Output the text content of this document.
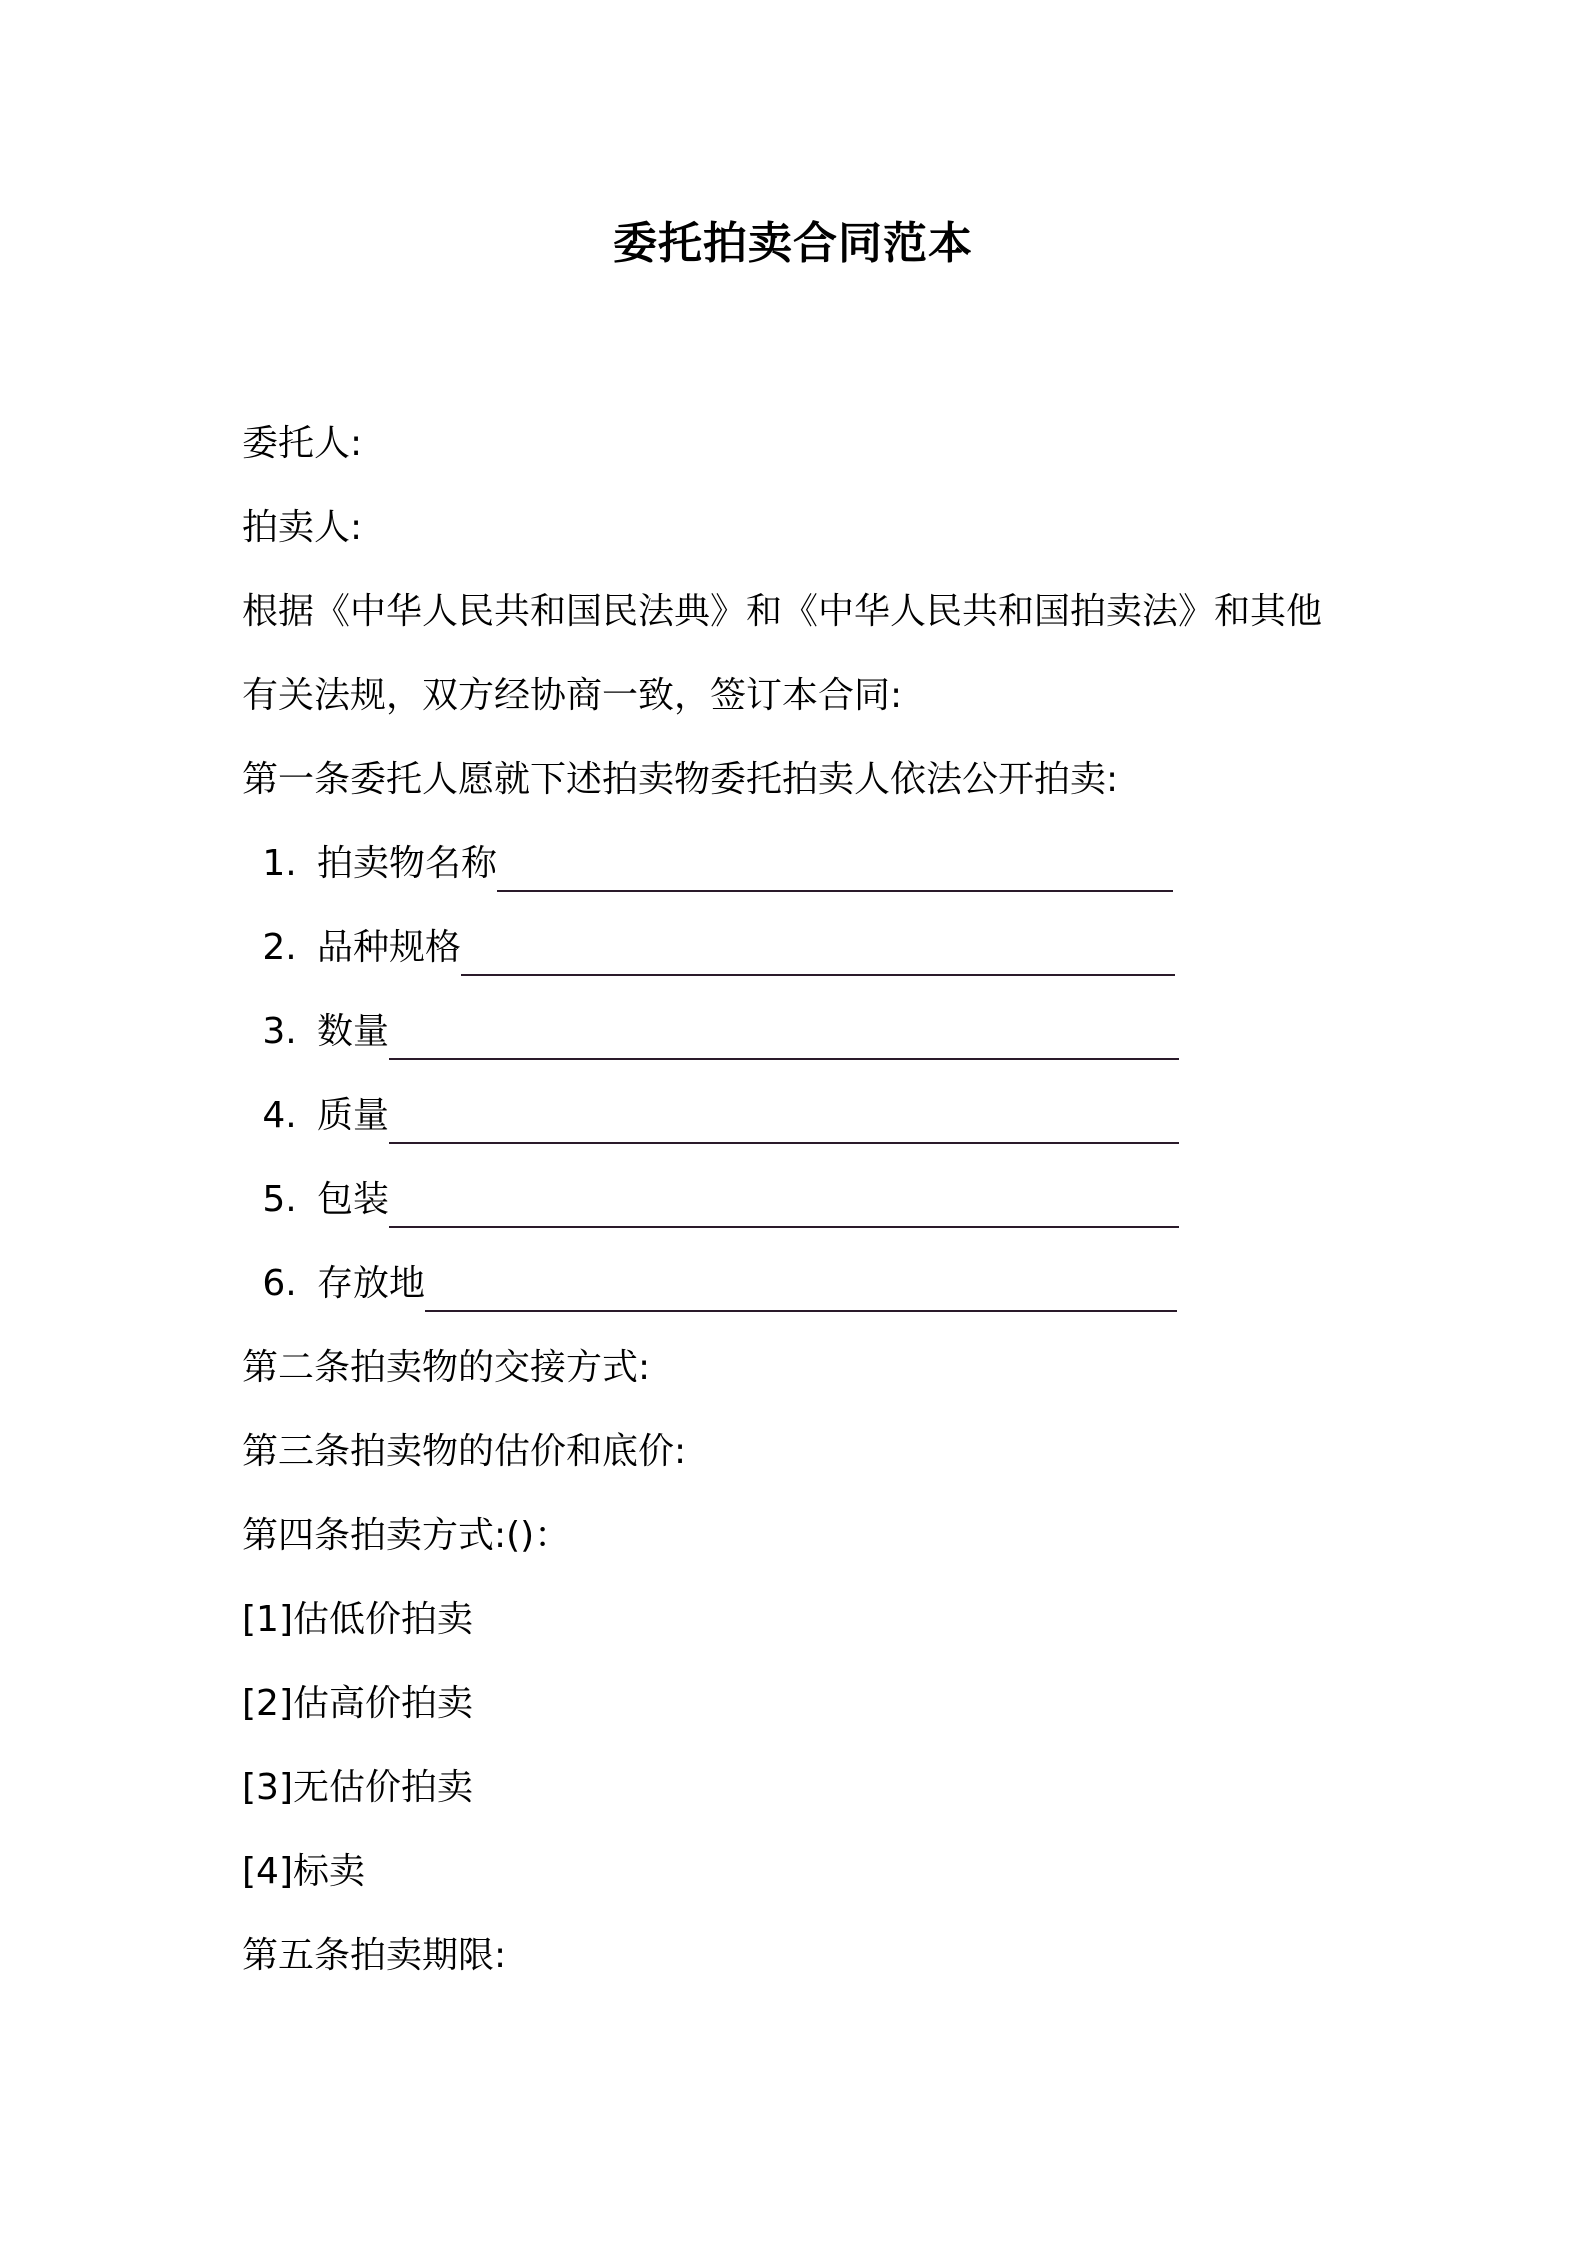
委托拍卖合同范本
委托人:
拍卖人:
根据《中华人民共和国民法典》和《中华人民共和国拍卖法》和其他
有关法规，双方经协商一致，签订本合同:
第一条委托人愿就下述拍卖物委托拍卖人依法公开拍卖:
1. 拍卖物名称
2. 品种规格
3. 数量
4. 质量
5. 包装
6. 存放地
第二条拍卖物的交接方式:
第三条拍卖物的估价和底价:
第四条拍卖方式:()：
[1]估低价拍卖
[2]估高价拍卖
[3]无估价拍卖
[4]标卖
第五条拍卖期限:
